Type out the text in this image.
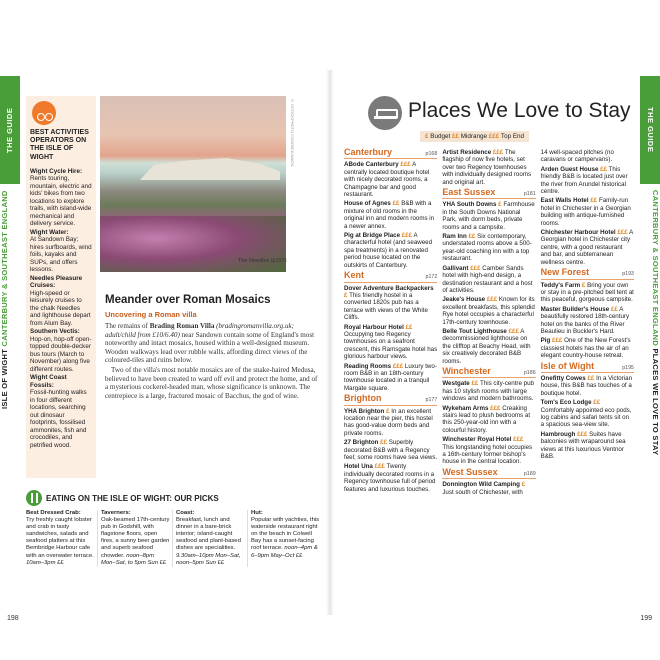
THE GUIDE
ISLE OF WIGHT CANTERBURY & SOUTHEAST ENGLAND
BEST ACTIVITIES OPERATORS ON THE ISLE OF WIGHT
Wight Cycle Hire:
Rents touring, mountain, electric and kids' bikes from two locations to explore trails, with island-wide mechanical and delivery service.
Wight Water:
At Sandown Bay; hires surfboards, wind foils, kayaks and SUPs, and offers lessons.
Needles Pleasure Cruises:
High-speed or leisurely cruises to the chalk Needles and lighthouse depart from Alum Bay.
Southern Vectis:
Hop-on, hop-off open-topped double-decker bus tours (March to November) along five different routes.
Wight Coast Fossils:
Fossil-hunting walks in four different locations, searching out dinosaur footprints, fossilised ammonites, fish and crocodiles, and petrified wood.
© ISTOCKPHOTO.COM/MCKINNON
The Needles (p197)
Meander over Roman Mosaics
Uncovering a Roman villa

The remains of Brading Roman Villa (bradingromanvilla.org.uk; adult/child from £10/6.40) near Sandown contain some of England's most noteworthy and intact mosaics, housed within a well-designed museum. Wooden walkways lead over rubble walls, affording direct views of the coloured-tiles and ruins below.

Two of the villa's most notable mosaics are of the snake-haired Medusa, believed to have been created to ward off evil and protect the home, and of a mysterious cockerel-headed man, whose significance is unknown. The centrepiece is a large, fractured mosaic of Bacchus, the god of wine.

EATING ON THE ISLE OF WIGHT: OUR PICKS
Best Dressed Crab:
Try freshly caught lobster and crab in tasty sandwiches, salads and seafood platters at this Bembridge Harbour cafe with an overwater terrace. 10am–3pm ££
Taverners:
Oak-beamed 17th-century pub in Godshill, with flagstone floors, open fires, a sunny beer garden and superb seafood chowder. noon–8pm Mon–Sat, to 5pm Sun ££
Coast:
Breakfast, lunch and dinner in a bare-brick interior; island-caught seafood and plant-based dishes are specialities. 9.30am–10pm Mon–Sat, noon–5pm Sun ££
Hut:
Popular with yachties, this waterside restaurant right on the beach in Colwell Bay has a sunset-facing roof terrace. noon–4pm & 6–9pm May–Oct ££
198
THE GUIDE
CANTERBURY & SOUTHEAST ENGLAND PLACES WE LOVE TO STAY
Places We Love to Stay
£ Budget ££ Midrange £££ Top End
Canterbury	p168
ABode Canterbury £££ A centrally located boutique hotel with nicely decorated rooms, a Champagne bar and good restaurant.
House of Agnes ££ B&B with a mixture of old rooms in the original inn and modern rooms in a newer annex.
Pig at Bridge Place £££ A characterful hotel (and seaweed spa treatments) in a renovated period house located on the outskirts of Canterbury.
Kent	p172
Dover Adventure Backpackers £ This friendly hostel in a converted 1820s pub has a terrace with views of the White Cliffs.
Royal Harbour Hotel ££ Occupying two Regency townhouses on a seafront crescent, this Ramsgate hotel has glorious harbour views.
Reading Rooms £££ Luxury two-room B&B in an 18th-century townhouse located in a tranquil Margate square.
Brighton	p177
YHA Brighton £ In an excellent location near the pier, this hostel has good-value dorm beds and private rooms.
27 Brighton ££ Superbly decorated B&B with a Regency feel; some rooms have sea views.
Hotel Una £££ Twenty individually decorated rooms in a Regency townhouse full of period features and luxurious touches.
Artist Residence £££ The flagship of now five hotels, set over two Regency townhouses with individually designed rooms and original art.
East Sussex	p181
YHA South Downs £ Farmhouse in the South Downs National Park, with dorm beds, private rooms and a campsite.
Ram Inn ££ Six contemporary, understated rooms above a 500-year-old coaching inn with a top restaurant.
Gallivant £££ Camber Sands hotel with high-end design, a destination restaurant and a host of activities.
Jeake's House £££ Known for its excellent breakfasts, this splendid Rye hotel occupies a characterful 17th-century townhouse.
Belle Tout Lighthouse £££ A decommissioned lighthouse on the clifftop at Beachy Head, with six creatively decorated B&B rooms.
Winchester	p186
Westgate ££ This city-centre pub has 10 stylish rooms with large windows and modern bathrooms.
Wykeham Arms £££ Creaking stairs lead to plush bedrooms at this 250-year-old inn with a colourful history.
Winchester Royal Hotel £££ This longstanding hotel occupies a 16th-century former bishop's house in the central location.
West Sussex	p189
Donnington Wild Camping £ Just south of Chichester, with
14 well-spaced pitches (no caravans or campervans).
Arden Guest House ££ This friendly B&B is located just over the river from Arundel historical centre.
East Walls Hotel ££ Family-run hotel in Chichester in a Georgian building with antique-furnished rooms.
Chichester Harbour Hotel £££ A Georgian hotel in Chichester city centre, with a good restaurant and bar, and subterranean wellness centre.
New Forest	p193
Teddy's Farm £ Bring your own or stay in a pre-pitched bell tent at this peaceful, gorgeous campsite.
Master Builder's House ££ A beautifully restored 18th-century hotel on the banks of the River Beaulieu in Buckler's Hard.
Pig £££ One of the New Forest's classiest hotels has the air of an elegant country-house retreat.
Isle of Wight	p195
Onefitty Cowes ££ In a Victorian house, this B&B has touches of a boutique hotel.
Tom's Eco Lodge ££ Comfortably appointed eco pods, log cabins and safari tents sit on a spacious sea-view site.
Hambrough £££ Suites have balconies with wraparound sea views at this luxurious Ventnor B&B.
199
